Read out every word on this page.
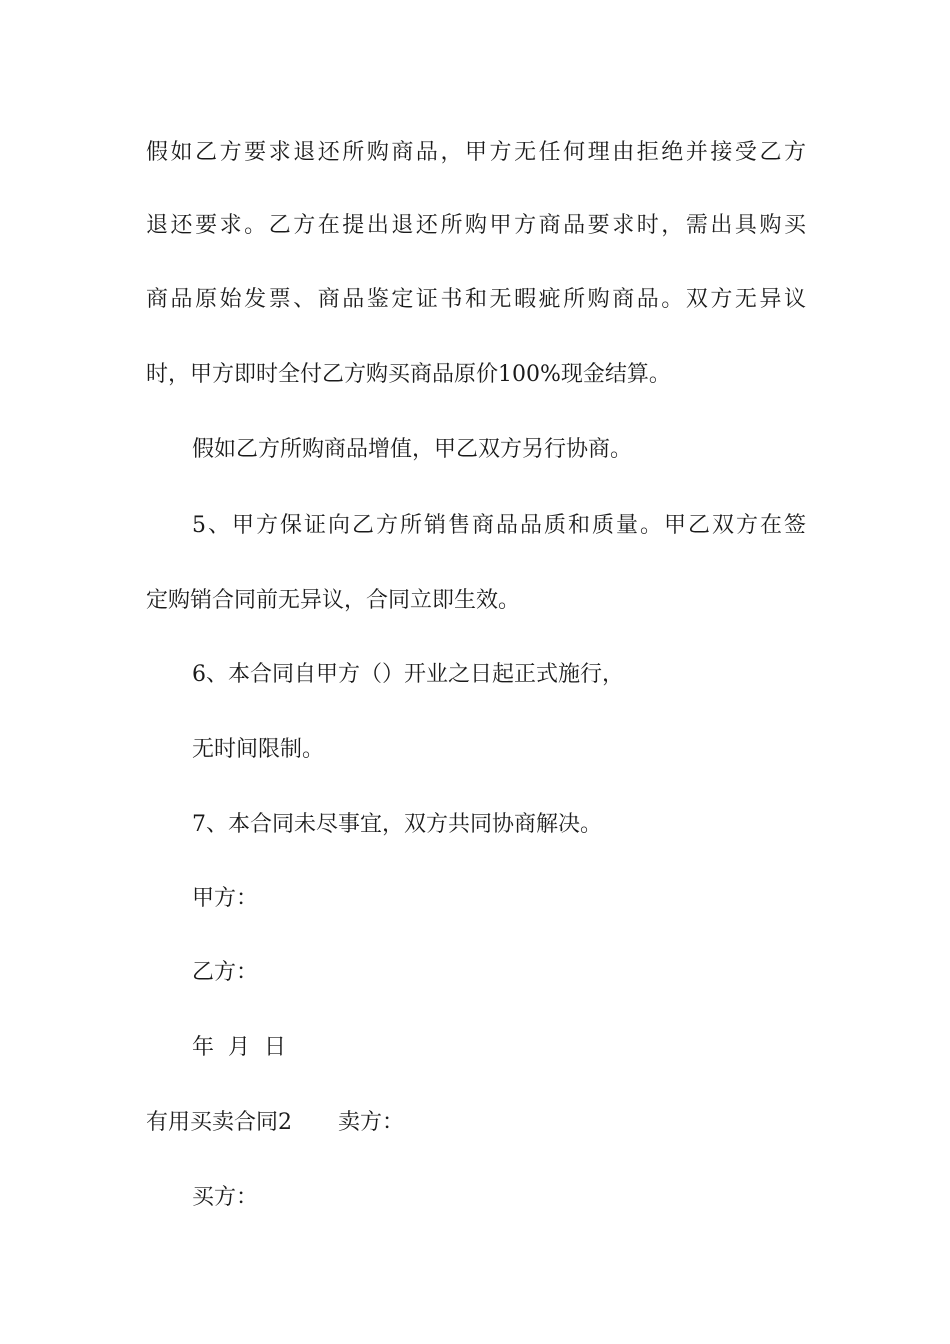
假如乙方要求退还所购商品，甲方无任何理由拒绝并接受乙方
退还要求。乙方在提出退还所购甲方商品要求时，需出具购买
商品原始发票、商品鉴定证书和无暇疵所购商品。双方无异议
时，甲方即时全付乙方购买商品原价100%现金结算。
假如乙方所购商品增值，甲乙双方另行协商。
5、甲方保证向乙方所销售商品品质和质量。甲乙双方在签
定购销合同前无异议，合同立即生效。
6、本合同自甲方（）开业之日起正式施行，
无时间限制。
7、本合同未尽事宜，双方共同协商解决。
甲方：
乙方：
年  月  日
有用买卖合同2 卖方：
买方：
